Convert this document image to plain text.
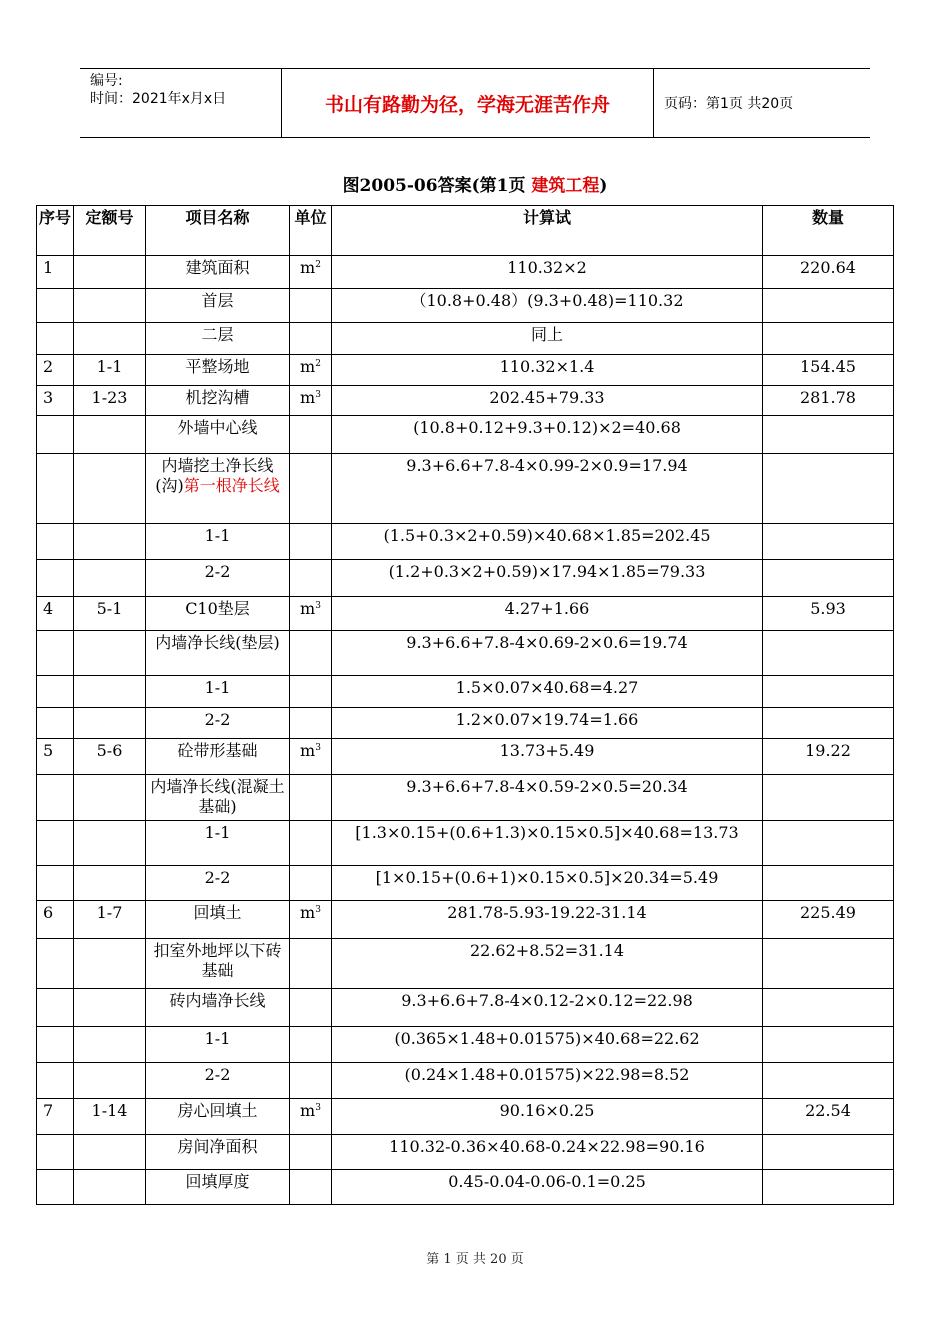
编号:
时间：2021年x月x日	书山有路勤为径，学海无涯苦作舟	页码：第1页 共20页
图2005-06答案(第1页 建筑工程)
序号	定额号	项目名称	单位	计算试	数量
1		建筑面积	$m^2$	110.32×2	220.64
		首层		（10.8+0.48）(9.3+0.48)=110.32	
		二层		同上	
2	1-1	平整场地	$m^2$	110.32×1.4	154.45
3	1-23	机挖沟槽	$m^3$	202.45+79.33	281.78
		外墙中心线		(10.8+0.12+9.3+0.12)×2=40.68	
		内墙挖土净长线(沟)第一根净长线		9.3+6.6+7.8-4×0.99-2×0.9=17.94	
		1-1		(1.5+0.3×2+0.59)×40.68×1.85=202.45	
		2-2		(1.2+0.3×2+0.59)×17.94×1.85=79.33	
4	5-1	C10垫层	$m^3$	4.27+1.66	5.93
		内墙净长线(垫层)		9.3+6.6+7.8-4×0.69-2×0.6=19.74	
		1-1		1.5×0.07×40.68=4.27	
		2-2		1.2×0.07×19.74=1.66	
5	5-6	砼带形基础	$m^3$	13.73+5.49	19.22
		内墙净长线(混凝土基础)		9.3+6.6+7.8-4×0.59-2×0.5=20.34	
		1-1		[1.3×0.15+(0.6+1.3)×0.15×0.5]×40.68=13.73	
		2-2		[1×0.15+(0.6+1)×0.15×0.5]×20.34=5.49	
6	1-7	回填土	$m^3$	281.78-5.93-19.22-31.14	225.49
		扣室外地坪以下砖基础		22.62+8.52=31.14	
		砖内墙净长线		9.3+6.6+7.8-4×0.12-2×0.12=22.98	
		1-1		(0.365×1.48+0.01575)×40.68=22.62	
		2-2		(0.24×1.48+0.01575)×22.98=8.52	
7	1-14	房心回填土	$m^3$	90.16×0.25	22.54
		房间净面积		110.32-0.36×40.68-0.24×22.98=90.16	
		回填厚度		0.45-0.04-0.06-0.1=0.25	
第 1 页 共 20 页
